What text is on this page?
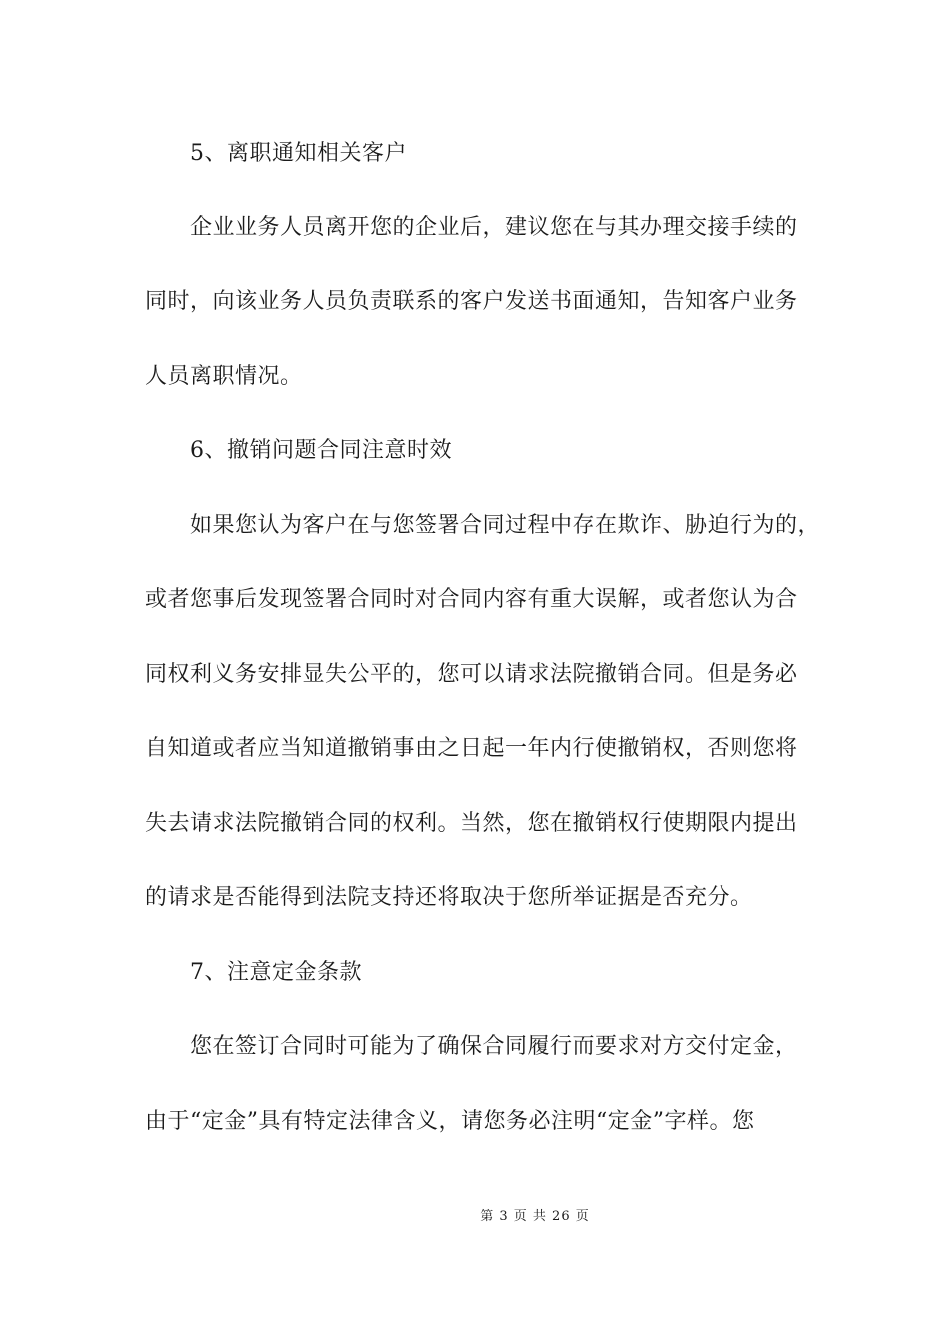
5、离职通知相关客户
企业业务人员离开您的企业后，建议您在与其办理交接手续的
同时，向该业务人员负责联系的客户发送书面通知，告知客户业务
人员离职情况。
6、撤销问题合同注意时效
如果您认为客户在与您签署合同过程中存在欺诈、胁迫行为的，
或者您事后发现签署合同时对合同内容有重大误解，或者您认为合
同权利义务安排显失公平的，您可以请求法院撤销合同。但是务必
自知道或者应当知道撤销事由之日起一年内行使撤销权，否则您将
失去请求法院撤销合同的权利。当然，您在撤销权行使期限内提出
的请求是否能得到法院支持还将取决于您所举证据是否充分。
7、注意定金条款
您在签订合同时可能为了确保合同履行而要求对方交付定金，
由于“定金”具有特定法律含义，请您务必注明“定金”字样。您
第 3 页 共 26 页
